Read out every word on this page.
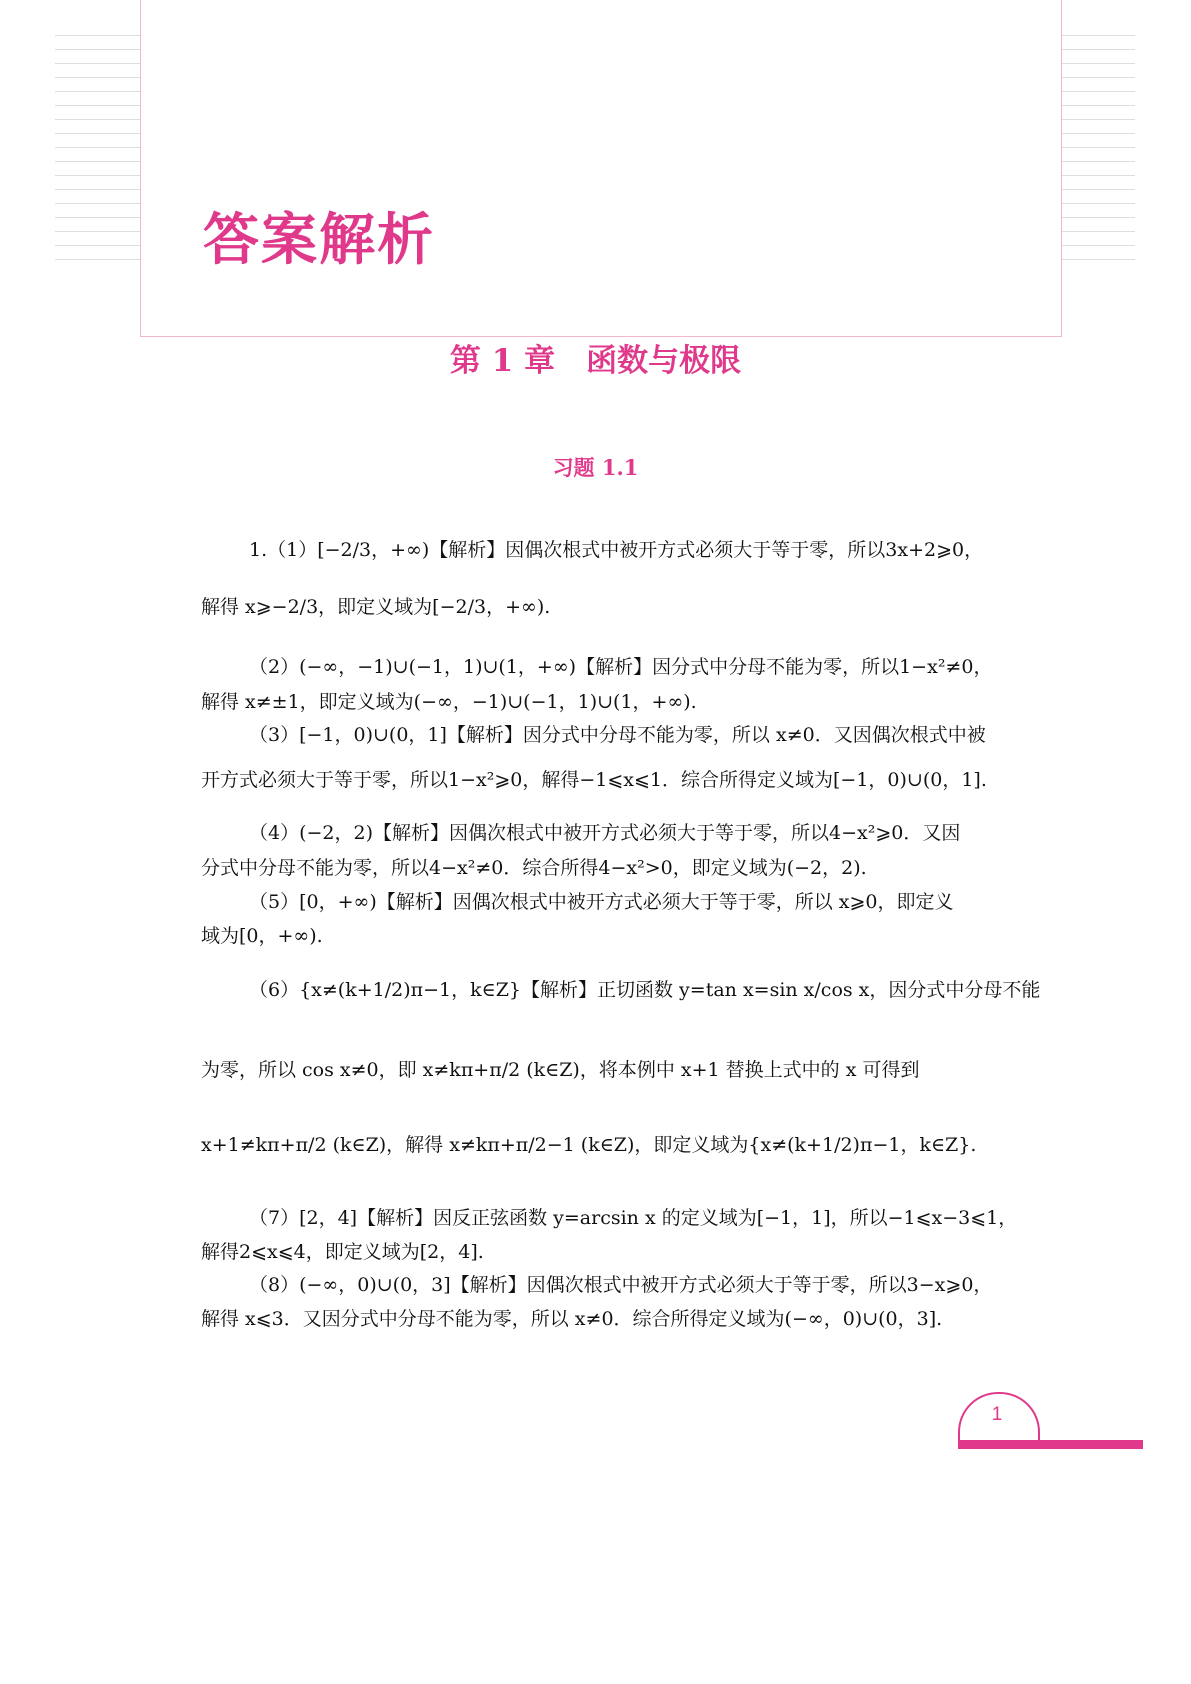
答案解析
第 1 章　函数与极限
习题 1.1
1.（1）[−2/3，+∞)【解析】因偶次根式中被开方式必须大于等于零，所以3x+2⩾0，
解得 x⩾−2/3，即定义域为[−2/3，+∞).
（2）(−∞，−1)∪(−1，1)∪(1，+∞)【解析】因分式中分母不能为零，所以1−x²≠0，
解得 x≠±1，即定义域为(−∞，−1)∪(−1，1)∪(1，+∞).
（3）[−1，0)∪(0，1]【解析】因分式中分母不能为零，所以 x≠0．又因偶次根式中被
开方式必须大于等于零，所以1−x²⩾0，解得−1⩽x⩽1．综合所得定义域为[−1，0)∪(0，1].
（4）(−2，2)【解析】因偶次根式中被开方式必须大于等于零，所以4−x²⩾0．又因
分式中分母不能为零，所以4−x²≠0．综合所得4−x²>0，即定义域为(−2，2).
（5）[0，+∞)【解析】因偶次根式中被开方式必须大于等于零，所以 x⩾0，即定义
域为[0，+∞).
（6）{x≠(k+1/2)π−1，k∈Z}【解析】正切函数 y=tan x=sin x/cos x，因分式中分母不能
为零，所以 cos x≠0，即 x≠kπ+π/2 (k∈Z)，将本例中 x+1 替换上式中的 x 可得到
x+1≠kπ+π/2 (k∈Z)，解得 x≠kπ+π/2−1 (k∈Z)，即定义域为{x≠(k+1/2)π−1，k∈Z}.
（7）[2，4]【解析】因反正弦函数 y=arcsin x 的定义域为[−1，1]，所以−1⩽x−3⩽1，
解得2⩽x⩽4，即定义域为[2，4].
（8）(−∞，0)∪(0，3]【解析】因偶次根式中被开方式必须大于等于零，所以3−x⩾0，
解得 x⩽3．又因分式中分母不能为零，所以 x≠0．综合所得定义域为(−∞，0)∪(0，3].
1
